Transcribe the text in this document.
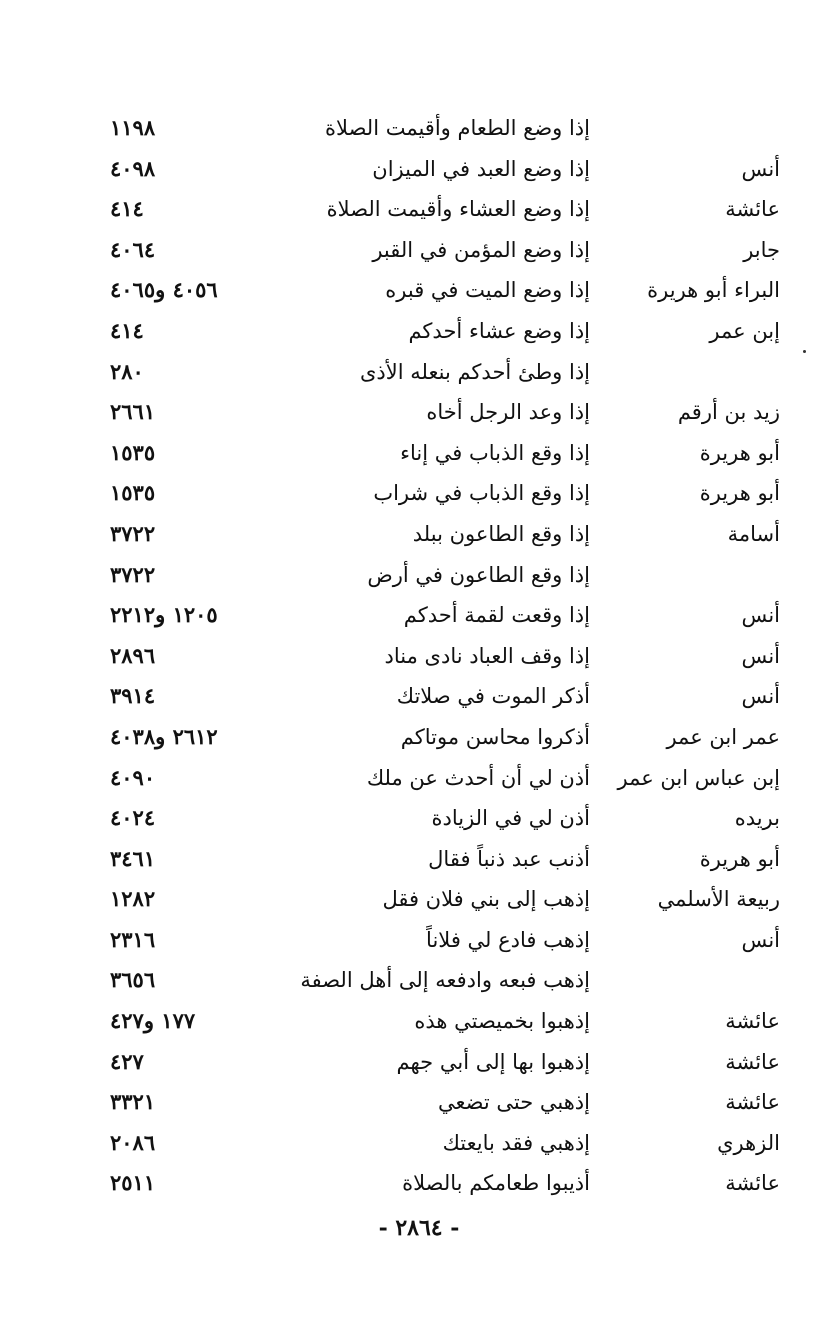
إذا وضع الطعام وأقيمت الصلاة
١١٩٨
أنس
إذا وضع العبد في الميزان
٤٠٩٨
عائشة
إذا وضع العشاء وأقيمت الصلاة
٤١٤
جابر
إذا وضع المؤمن في القبر
٤٠٦٤
البراء أبو هريرة
إذا وضع الميت في قبره
٤٠٥٦ و٤٠٦٥
إبن عمر
إذا وضع عشاء أحدكم
٤١٤
إذا وطئ أحدكم بنعله الأذى
٢٨٠
زيد بن أرقم
إذا وعد الرجل أخاه
٢٦٦١
أبو هريرة
إذا وقع الذباب في إناء
١٥٣٥
أبو هريرة
إذا وقع الذباب في شراب
١٥٣٥
أسامة
إذا وقع الطاعون ببلد
٣٧٢٢
إذا وقع الطاعون في أرض
٣٧٢٢
أنس
إذا وقعت لقمة أحدكم
١٢٠٥ و٢٢١٢
أنس
إذا وقف العباد نادى مناد
٢٨٩٦
أنس
أذكر الموت في صلاتك
٣٩١٤
عمر ابن عمر
أذكروا محاسن موتاكم
٢٦١٢ و٤٠٣٨
إبن عباس ابن عمر
أذن لي أن أحدث عن ملك
٤٠٩٠
بريده
أذن لي في الزيادة
٤٠٢٤
أبو هريرة
أذنب عبد ذنباً فقال
٣٤٦١
ربيعة الأسلمي
إذهب إلى بني فلان فقل
١٢٨٢
أنس
إذهب فادع لي فلاناً
٢٣١٦
إذهب فبعه وادفعه إلى أهل الصفة
٣٦٥٦
عائشة
إذهبوا بخميصتي هذه
١٧٧ و٤٢٧
عائشة
إذهبوا بها إلى أبي جهم
٤٢٧
عائشة
إذهبي حتى تضعي
٣٣٢١
الزهري
إذهبي فقد بايعتك
٢٠٨٦
عائشة
أذيبوا طعامكم بالصلاة
٢٥١١
- ٢٨٦٤ -
